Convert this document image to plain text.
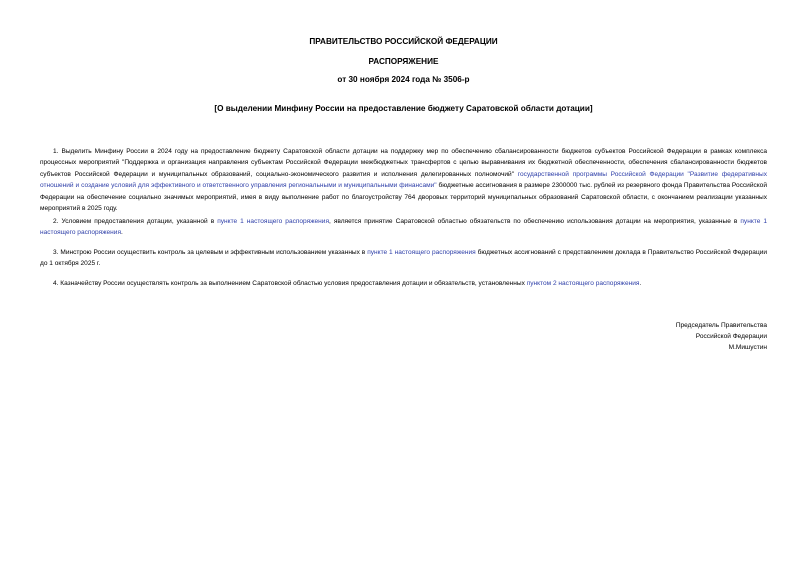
ПРАВИТЕЛЬСТВО РОССИЙСКОЙ ФЕДЕРАЦИИ
РАСПОРЯЖЕНИЕ
от 30 ноября 2024 года № 3506-р
[О выделении Минфину России на предоставление бюджету Саратовской области дотации]

1. Выделить Минфину России в 2024 году на предоставление бюджету Саратовской области дотации на поддержку мер по обеспечению сбалансированности бюджетов субъектов Российской Федерации в рамках комплекса процессных мероприятий "Поддержка и организация направления субъектам Российской Федерации межбюджетных трансфертов с целью выравнивания их бюджетной обеспеченности, обеспечения сбалансированности бюджетов субъектов Российской Федерации и муниципальных образований, социально-экономического развития и исполнения делегированных полномочий" государственной программы Российской Федерации "Развитие федеративных отношений и создание условий для эффективного и ответственного управления региональными и муниципальными финансами" бюджетные ассигнования в размере 2300000 тыс. рублей из резервного фонда Правительства Российской Федерации на обеспечение социально значимых мероприятий, имея в виду выполнение работ по благоустройству 764 дворовых территорий муниципальных образований Саратовской области, с окончанием реализации указанных мероприятий в 2025 году.

2. Условием предоставления дотации, указанной в пункте 1 настоящего распоряжения, является принятие Саратовской областью обязательств по обеспечению использования дотации на мероприятия, указанные в пункте 1 настоящего распоряжения.

3. Минстрою России осуществить контроль за целевым и эффективным использованием указанных в пункте 1 настоящего распоряжения бюджетных ассигнований с представлением доклада в Правительство Российской Федерации до 1 октября 2025 г.

4. Казначейству России осуществлять контроль за выполнением Саратовской областью условия предоставления дотации и обязательств, установленных пунктом 2 настоящего распоряжения.

Председатель Правительства
Российской Федерации
М.Мишустин
